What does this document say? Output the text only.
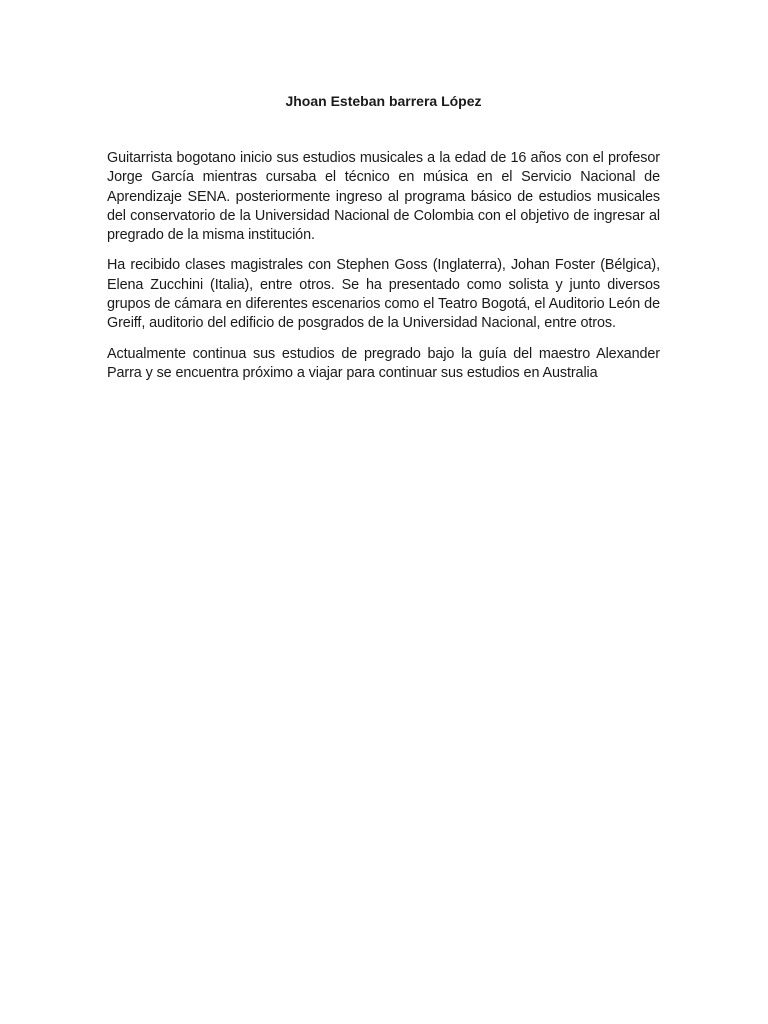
Jhoan Esteban barrera López

Guitarrista bogotano inicio sus estudios musicales a la edad de 16 años con el profesor Jorge García mientras cursaba el técnico en música en el Servicio Nacional de Aprendizaje SENA. posteriormente ingreso al programa básico de estudios musicales del conservatorio de la Universidad Nacional de Colombia con el objetivo de ingresar al pregrado de la misma institución.

Ha recibido clases magistrales con Stephen Goss (Inglaterra), Johan Foster (Bélgica), Elena Zucchini (Italia), entre otros. Se ha presentado como solista y junto diversos grupos de cámara en diferentes escenarios como el Teatro Bogotá, el Auditorio León de Greiff, auditorio del edificio de posgrados de la Universidad Nacional, entre otros.

Actualmente continua sus estudios de pregrado bajo la guía del maestro Alexander Parra y se encuentra próximo a viajar para continuar sus estudios en Australia
